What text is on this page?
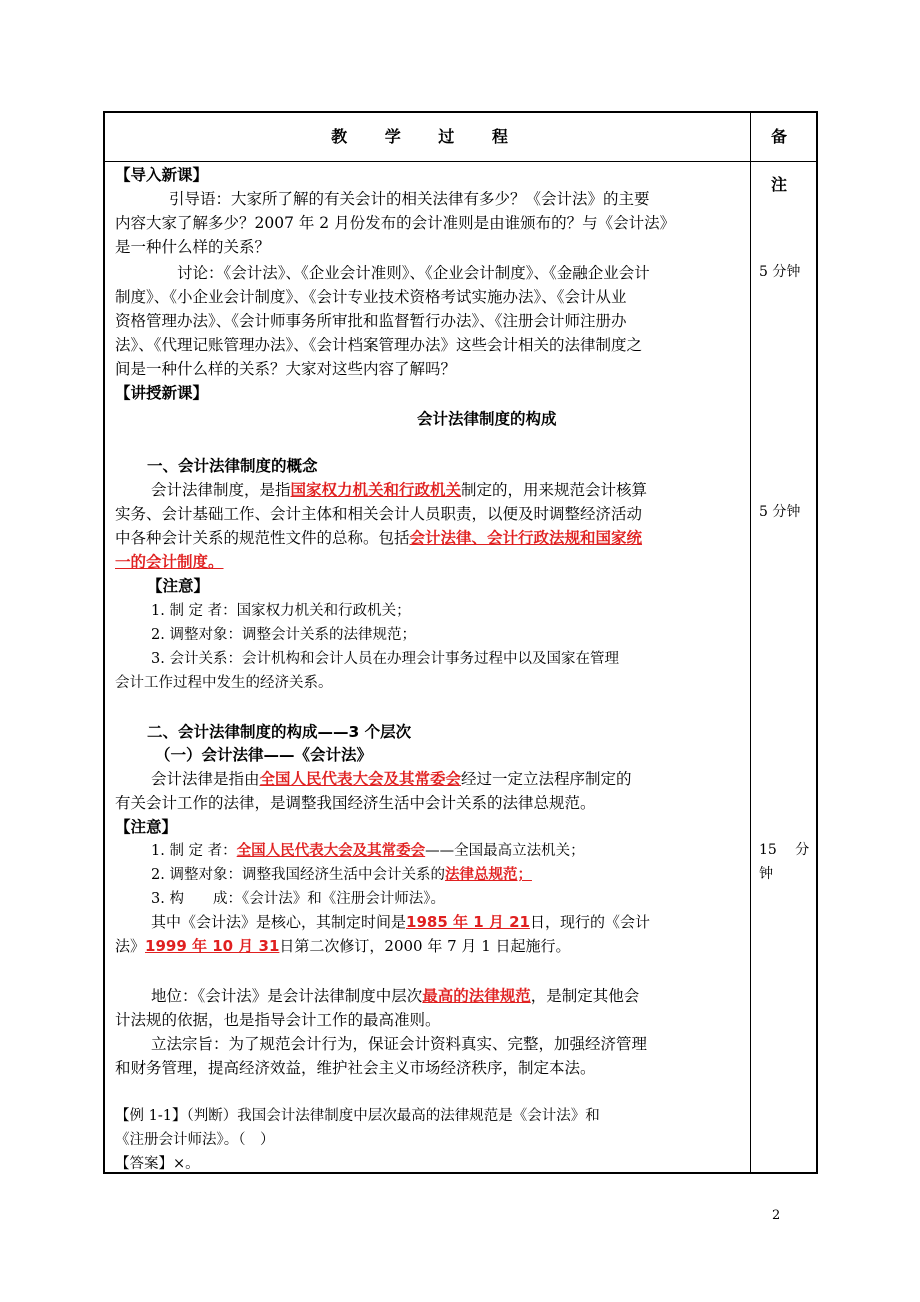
教 学 过 程	备 注
【导入新课】
引导语：大家所了解的有关会计的相关法律有多少？《会计法》的主要
内容大家了解多少？2007 年 2 月份发布的会计准则是由谁颁布的？与《会计法》
是一种什么样的关系？
讨论：《会计法》、《企业会计准则》、《企业会计制度》、《金融企业会计
制度》、《小企业会计制度》、《会计专业技术资格考试实施办法》、《会计从业
资格管理办法》、《会计师事务所审批和监督暂行办法》、《注册会计师注册办
法》、《代理记账管理办法》、《会计档案管理办法》这些会计相关的法律制度之
间是一种什么样的关系？大家对这些内容了解吗？
【讲授新课】
会计法律制度的构成
一、会计法律制度的概念
会计法律制度，是指国家权力机关和行政机关制定的，用来规范会计核算
实务、会计基础工作、会计主体和相关会计人员职责，以便及时调整经济活动
中各种会计关系的规范性文件的总称。包括会计法律、会计行政法规和国家统
一的会计制度。
【注意】
1. 制 定 者：国家权力机关和行政机关；
2. 调整对象：调整会计关系的法律规范；
3. 会计关系：会计机构和会计人员在办理会计事务过程中以及国家在管理
会计工作过程中发生的经济关系。
二、会计法律制度的构成——3 个层次
（一）会计法律——《会计法》
会计法律是指由全国人民代表大会及其常委会经过一定立法程序制定的
有关会计工作的法律，是调整我国经济生活中会计关系的法律总规范。
【注意】
1. 制 定 者：全国人民代表大会及其常委会——全国最高立法机关；
2. 调整对象：调整我国经济生活中会计关系的法律总规范；
3. 构　　成：《会计法》和《注册会计师法》。
其中《会计法》是核心，其制定时间是1985 年 1 月 21日，现行的《会计
法》1999 年 10 月 31日第二次修订，2000 年 7 月 1 日起施行。
地位：《会计法》是会计法律制度中层次最高的法律规范，是制定其他会
计法规的依据，也是指导会计工作的最高准则。
立法宗旨：为了规范会计行为，保证会计资料真实、完整，加强经济管理
和财务管理，提高经济效益，维护社会主义市场经济秩序，制定本法。
【例 1-1】（判断）我国会计法律制度中层次最高的法律规范是《会计法》和
《注册会计师法》。（　）
【答案】×。
5 分钟
5 分钟
15　 分
钟
2
